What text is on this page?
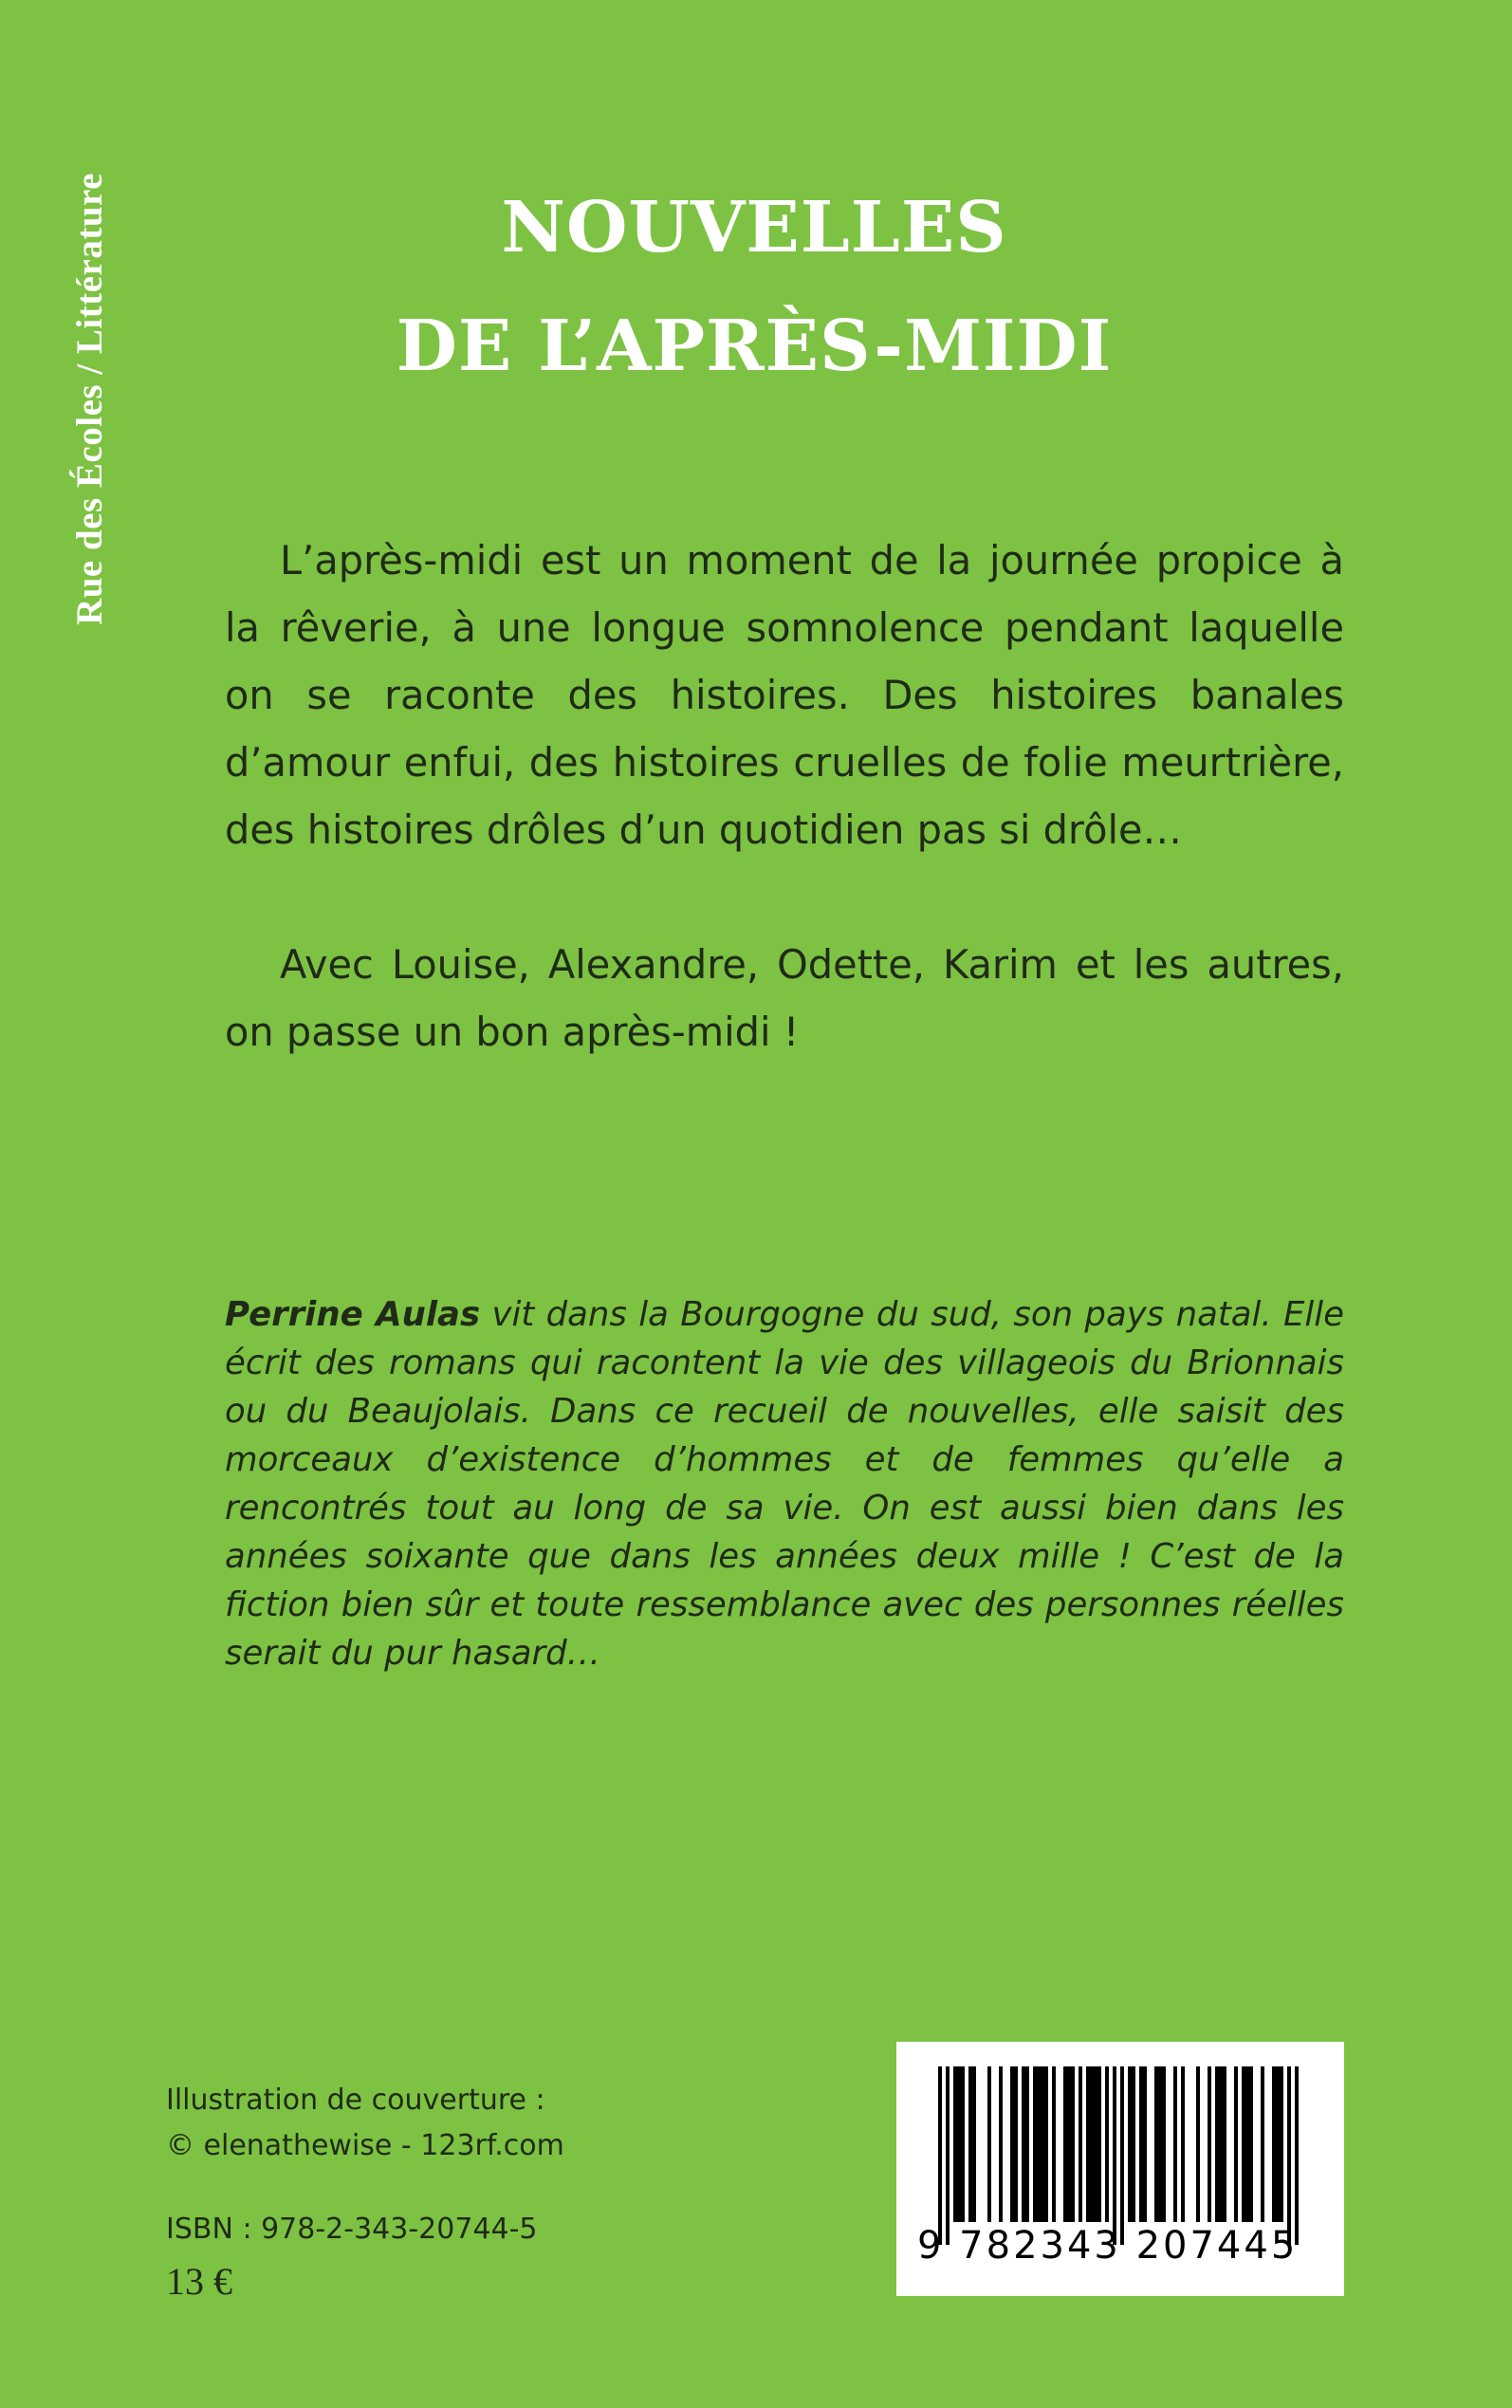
Rue des Écoles / Littérature	NOUVELLES
DE L’APRÈS-MIDI

L’après-midi est un moment de la journée propice à la rêverie, à une longue somnolence pendant laquelle on se raconte des histoires. Des histoires banales d’amour enfui, des histoires cruelles de folie meurtrière, des histoires drôles d’un quotidien pas si drôle…

Avec Louise, Alexandre, Odette, Karim et les autres, on passe un bon après-midi !

Perrine Aulas vit dans la Bourgogne du sud, son pays natal. Elle écrit des romans qui racontent la vie des villageois du Brionnais ou du Beaujolais. Dans ce recueil de nouvelles, elle saisit des morceaux d’existence d’hommes et de femmes qu’elle a rencontrés tout au long de sa vie. On est aussi bien dans les années soixante que dans les années deux mille ! C’est de la fiction bien sûr et toute ressemblance avec des personnes réelles serait du pur hasard…
Illustration de couverture :
© elenathewise - 123rf.com
ISBN : 978-2-343-20744-5
13 €
9 782343 207445
